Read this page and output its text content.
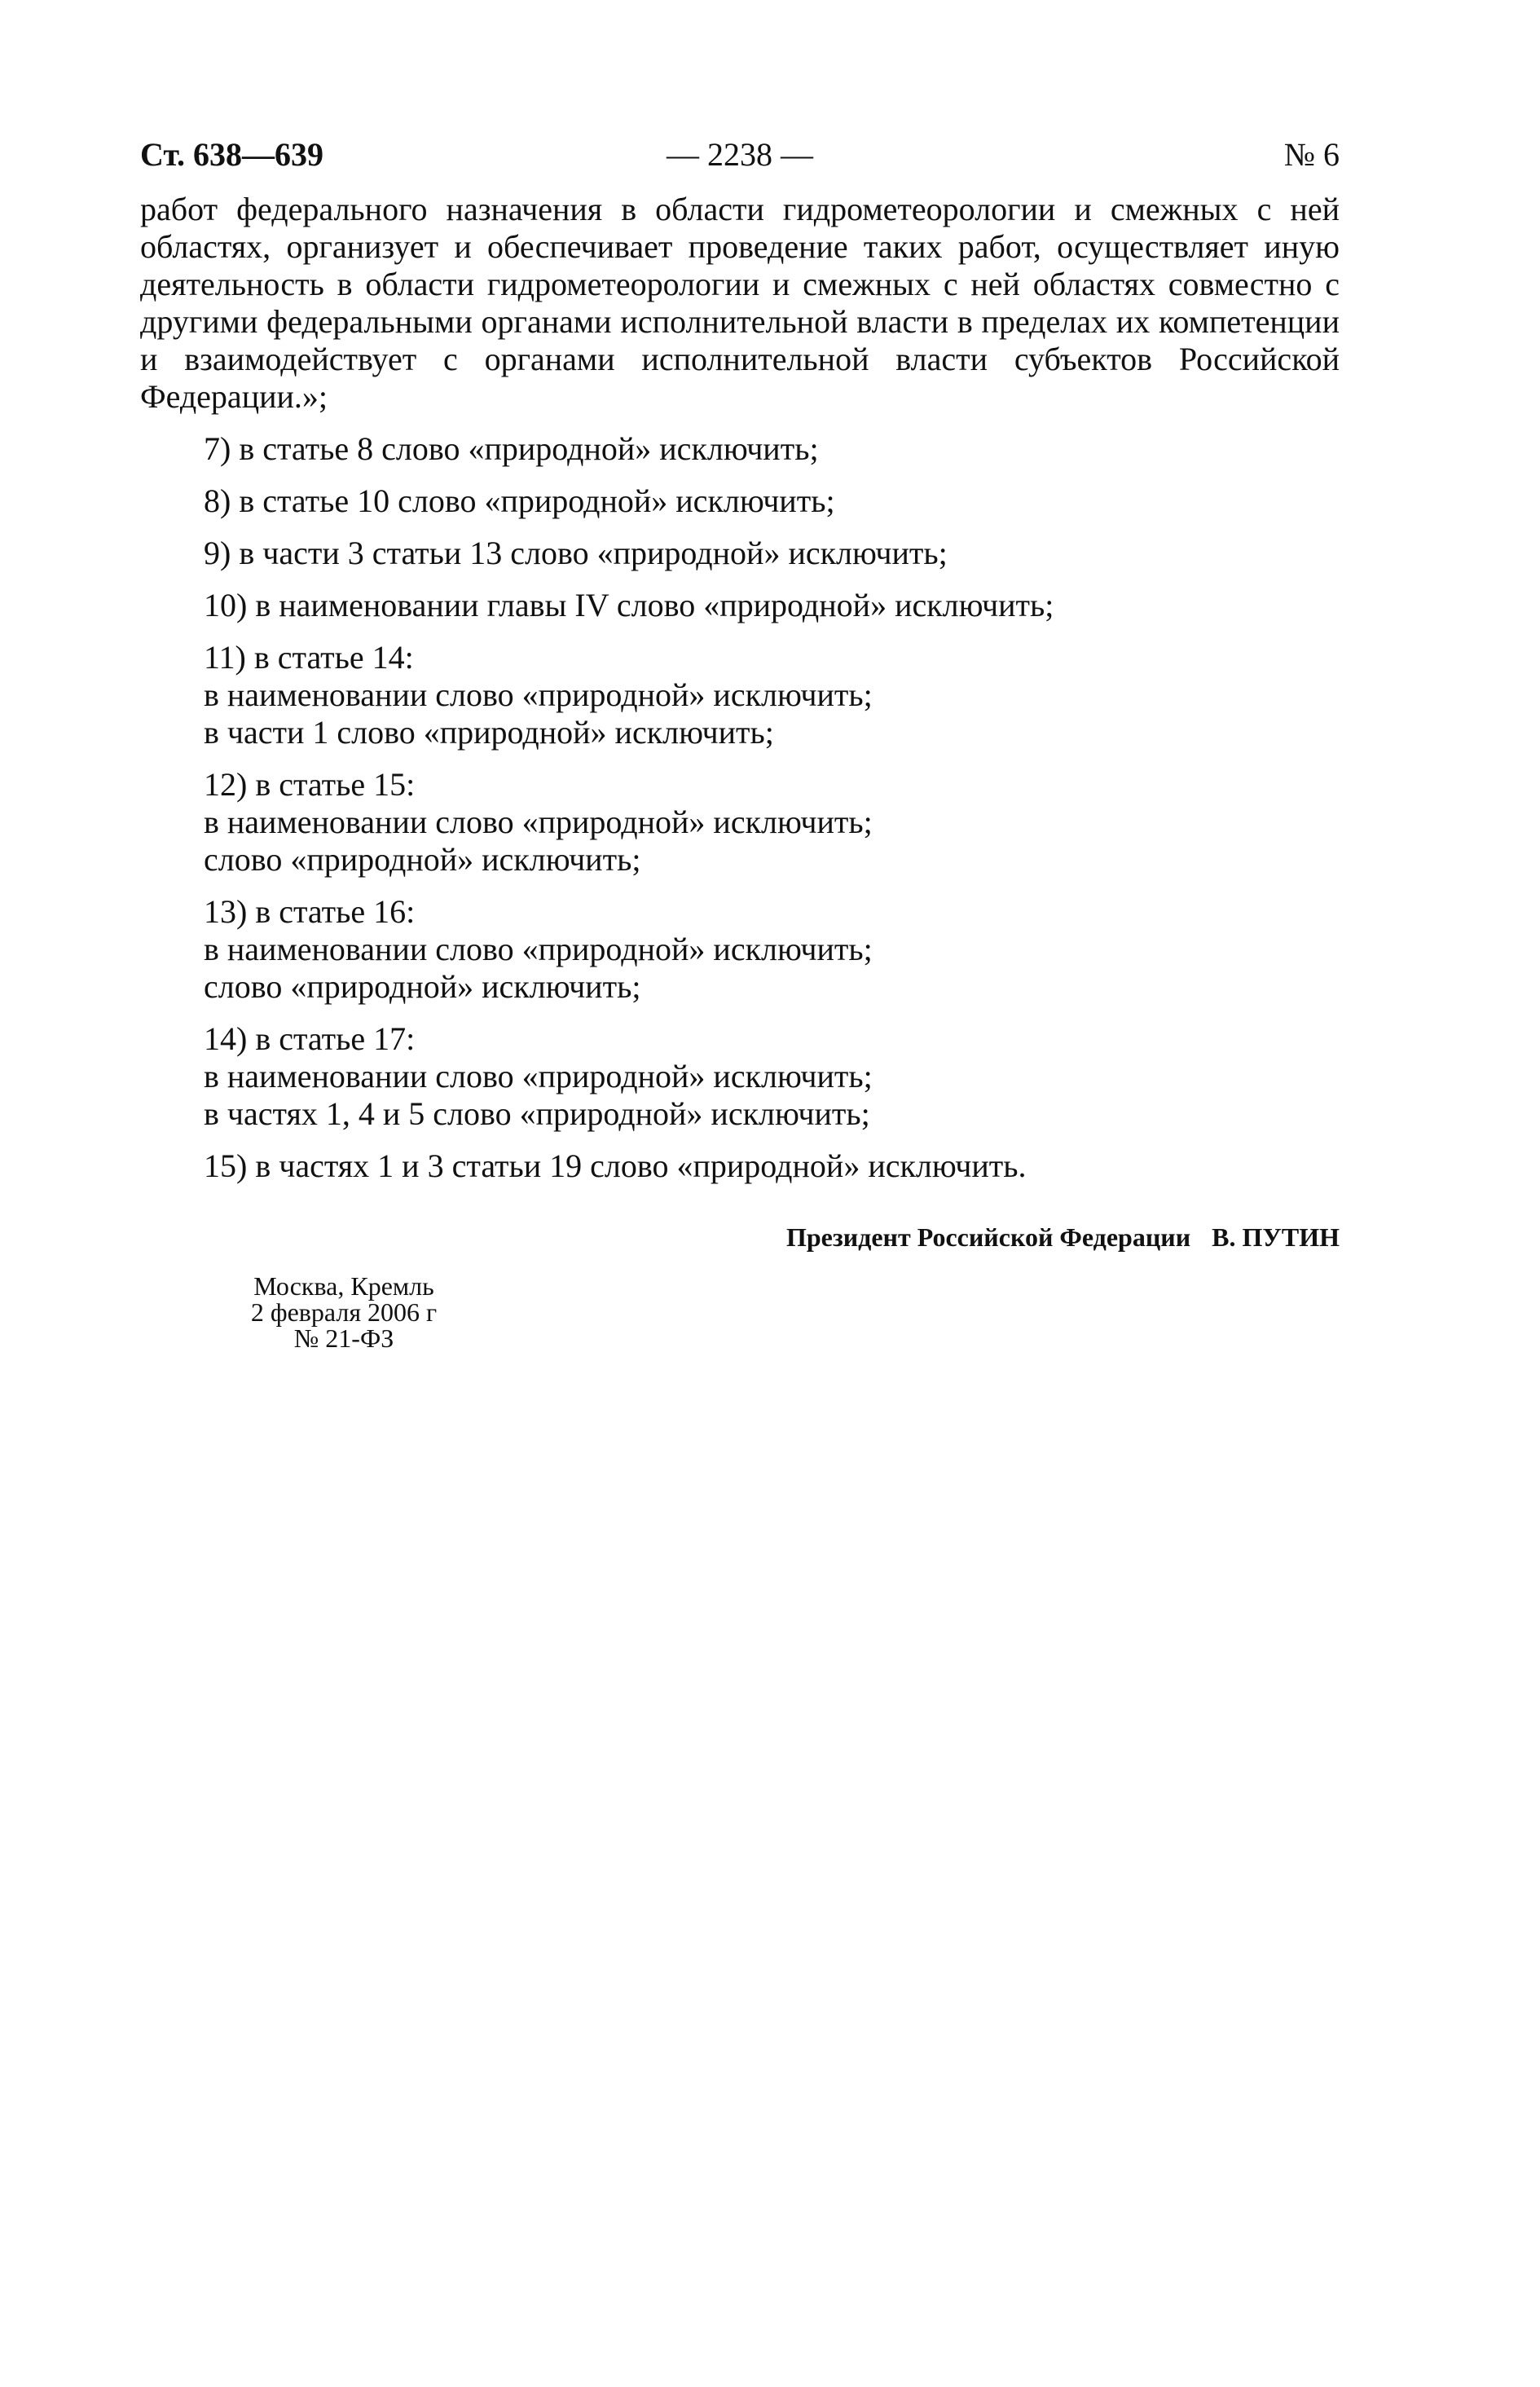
Ст. 638—639	— 2238 —	№ 6
работ федерального назначения в области гидрометеорологии и смежных с ней областях, организует и обеспечивает проведение таких работ, осуществляет иную деятельность в области гидрометеорологии и смежных с ней областях совместно с другими федеральными органами исполнительной власти в пределах их компетенции и взаимодействует с органами исполнительной власти субъектов Российской Федерации.»;
7) в статье 8 слово «природной» исключить;
8) в статье 10 слово «природной» исключить;
9) в части 3 статьи 13 слово «природной» исключить;
10) в наименовании главы IV слово «природной» исключить;
11) в статье 14:
в наименовании слово «природной» исключить;
в части 1 слово «природной» исключить;
12) в статье 15:
в наименовании слово «природной» исключить;
слово «природной» исключить;
13) в статье 16:
в наименовании слово «природной» исключить;
слово «природной» исключить;
14) в статье 17:
в наименовании слово «природной» исключить;
в частях 1, 4 и 5 слово «природной» исключить;
15) в частях 1 и 3 статьи 19 слово «природной» исключить.
Президент Российской Федерации В. ПУТИН
Москва, Кремль
2 февраля 2006 г
№ 21-ФЗ
